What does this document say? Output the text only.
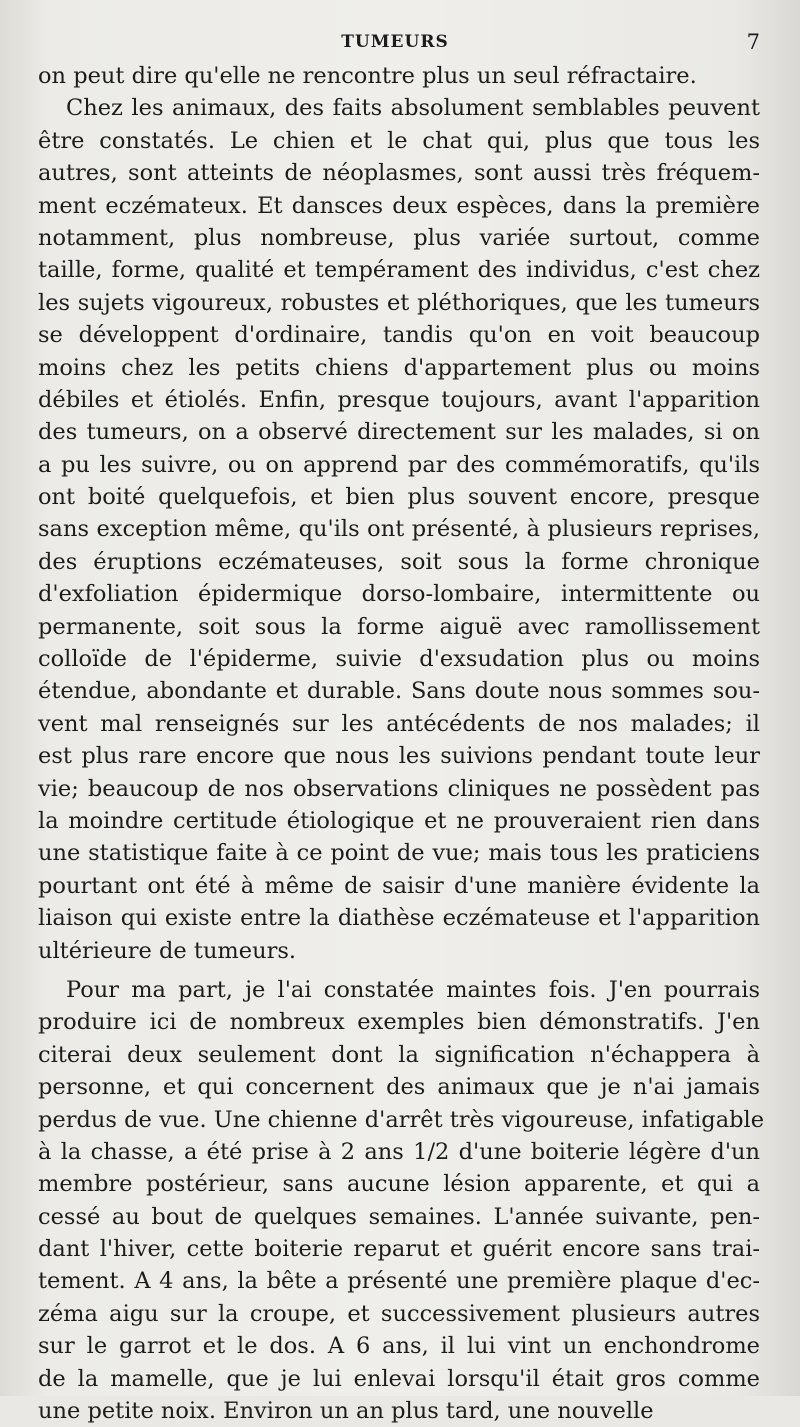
TUMEURS	7
on peut dire qu'elle ne rencontre plus un seul réfractaire.
Chez les animaux, des faits absolument semblables peuvent
être constatés. Le chien et le chat qui, plus que tous les
autres, sont atteints de néoplasmes, sont aussi très fréquem-
ment eczémateux. Et dansces deux espèces, dans la première
notamment, plus nombreuse, plus variée surtout, comme
taille, forme, qualité et tempérament des individus, c'est chez
les sujets vigoureux, robustes et pléthoriques, que les tumeurs
se développent d'ordinaire, tandis qu'on en voit beaucoup
moins chez les petits chiens d'appartement plus ou moins
débiles et étiolés. Enfin, presque toujours, avant l'apparition
des tumeurs, on a observé directement sur les malades, si on
a pu les suivre, ou on apprend par des commémoratifs, qu'ils
ont boité quelquefois, et bien plus souvent encore, presque
sans exception même, qu'ils ont présenté, à plusieurs reprises,
des éruptions eczémateuses, soit sous la forme chronique
d'exfoliation épidermique dorso-lombaire, intermittente ou
permanente, soit sous la forme aiguë avec ramollissement
colloïde de l'épiderme, suivie d'exsudation plus ou moins
étendue, abondante et durable. Sans doute nous sommes sou-
vent mal renseignés sur les antécédents de nos malades; il
est plus rare encore que nous les suivions pendant toute leur
vie; beaucoup de nos observations cliniques ne possèdent pas
la moindre certitude étiologique et ne prouveraient rien dans
une statistique faite à ce point de vue; mais tous les praticiens
pourtant ont été à même de saisir d'une manière évidente la
liaison qui existe entre la diathèse eczémateuse et l'apparition
ultérieure de tumeurs.
Pour ma part, je l'ai constatée maintes fois. J'en pourrais
produire ici de nombreux exemples bien démonstratifs. J'en
citerai deux seulement dont la signification n'échappera à
personne, et qui concernent des animaux que je n'ai jamais
perdus de vue. Une chienne d'arrêt très vigoureuse, infatigable
à la chasse, a été prise à 2 ans 1/2 d'une boiterie légère d'un
membre postérieur, sans aucune lésion apparente, et qui a
cessé au bout de quelques semaines. L'année suivante, pen-
dant l'hiver, cette boiterie reparut et guérit encore sans trai-
tement. A 4 ans, la bête a présenté une première plaque d'ec-
zéma aigu sur la croupe, et successivement plusieurs autres
sur le garrot et le dos. A 6 ans, il lui vint un enchondrome
de la mamelle, que je lui enlevai lorsqu'il était gros comme
une petite noix. Environ un an plus tard, une nouvelle
